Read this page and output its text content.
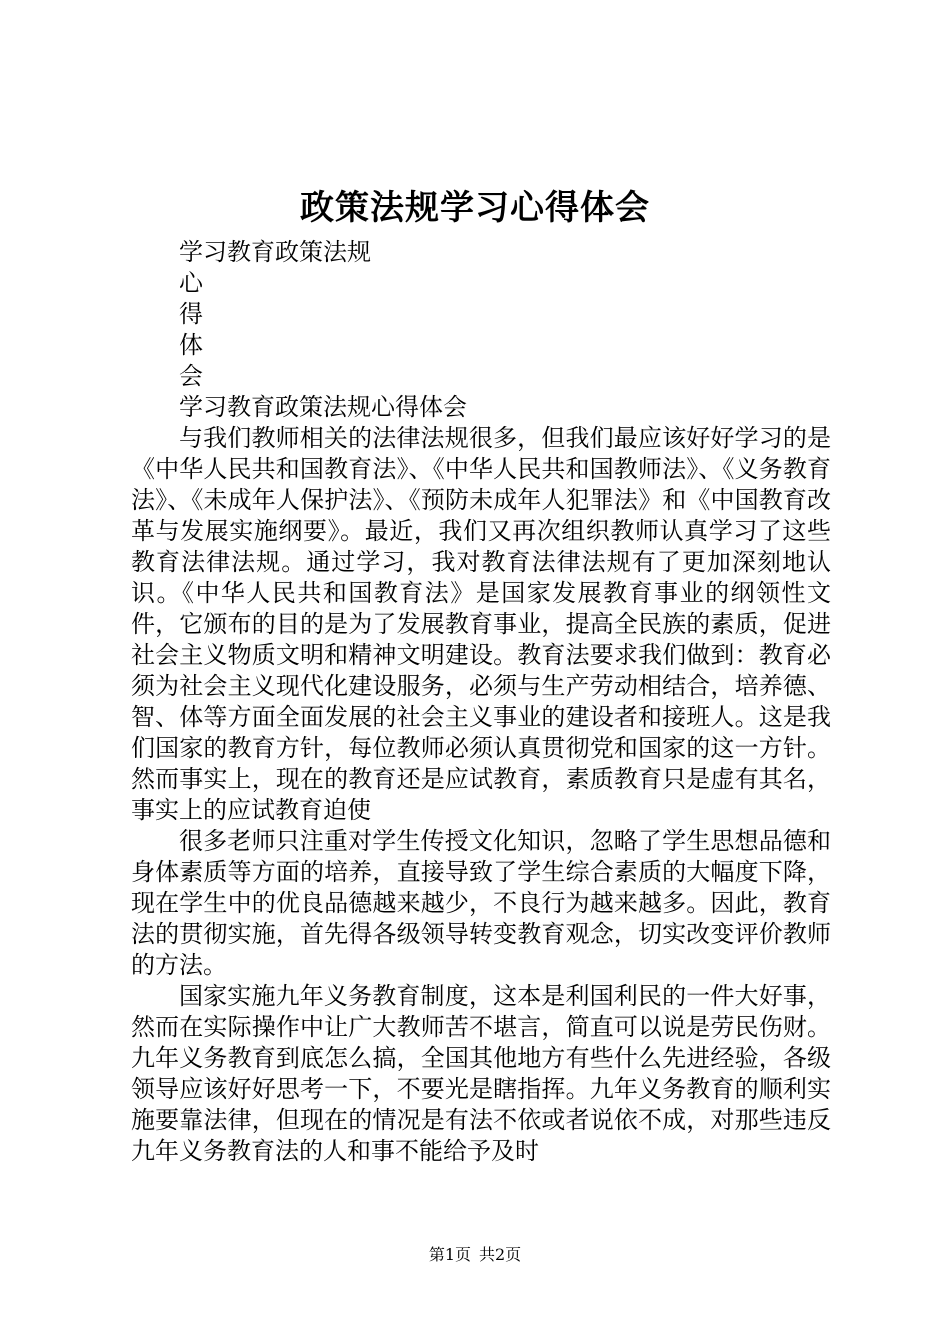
政策法规学习心得体会

学习教育政策法规

心

得

体

会

学习教育政策法规心得体会

与我们教师相关的法律法规很多，但我们最应该好好学习的是《中华人民共和国教育法》、《中华人民共和国教师法》、《义务教育法》、《未成年人保护法》、《预防未成年人犯罪法》和《中国教育改革与发展实施纲要》。最近，我们又再次组织教师认真学习了这些教育法律法规。通过学习，我对教育法律法规有了更加深刻地认识。《中华人民共和国教育法》是国家发展教育事业的纲领性文件，它颁布的目的是为了发展教育事业，提高全民族的素质，促进社会主义物质文明和精神文明建设。教育法要求我们做到：教育必须为社会主义现代化建设服务，必须与生产劳动相结合，培养德、智、体等方面全面发展的社会主义事业的建设者和接班人。这是我们国家的教育方针，每位教师必须认真贯彻党和国家的这一方针。然而事实上，现在的教育还是应试教育，素质教育只是虚有其名，事实上的应试教育迫使

很多老师只注重对学生传授文化知识，忽略了学生思想品德和身体素质等方面的培养，直接导致了学生综合素质的大幅度下降，现在学生中的优良品德越来越少，不良行为越来越多。因此，教育法的贯彻实施，首先得各级领导转变教育观念，切实改变评价教师的方法。

国家实施九年义务教育制度，这本是利国利民的一件大好事，然而在实际操作中让广大教师苦不堪言，简直可以说是劳民伤财。九年义务教育到底怎么搞，全国其他地方有些什么先进经验，各级领导应该好好思考一下，不要光是瞎指挥。九年义务教育的顺利实施要靠法律，但现在的情况是有法不依或者说依不成，对那些违反九年义务教育法的人和事不能给予及时

第1页 共2页
